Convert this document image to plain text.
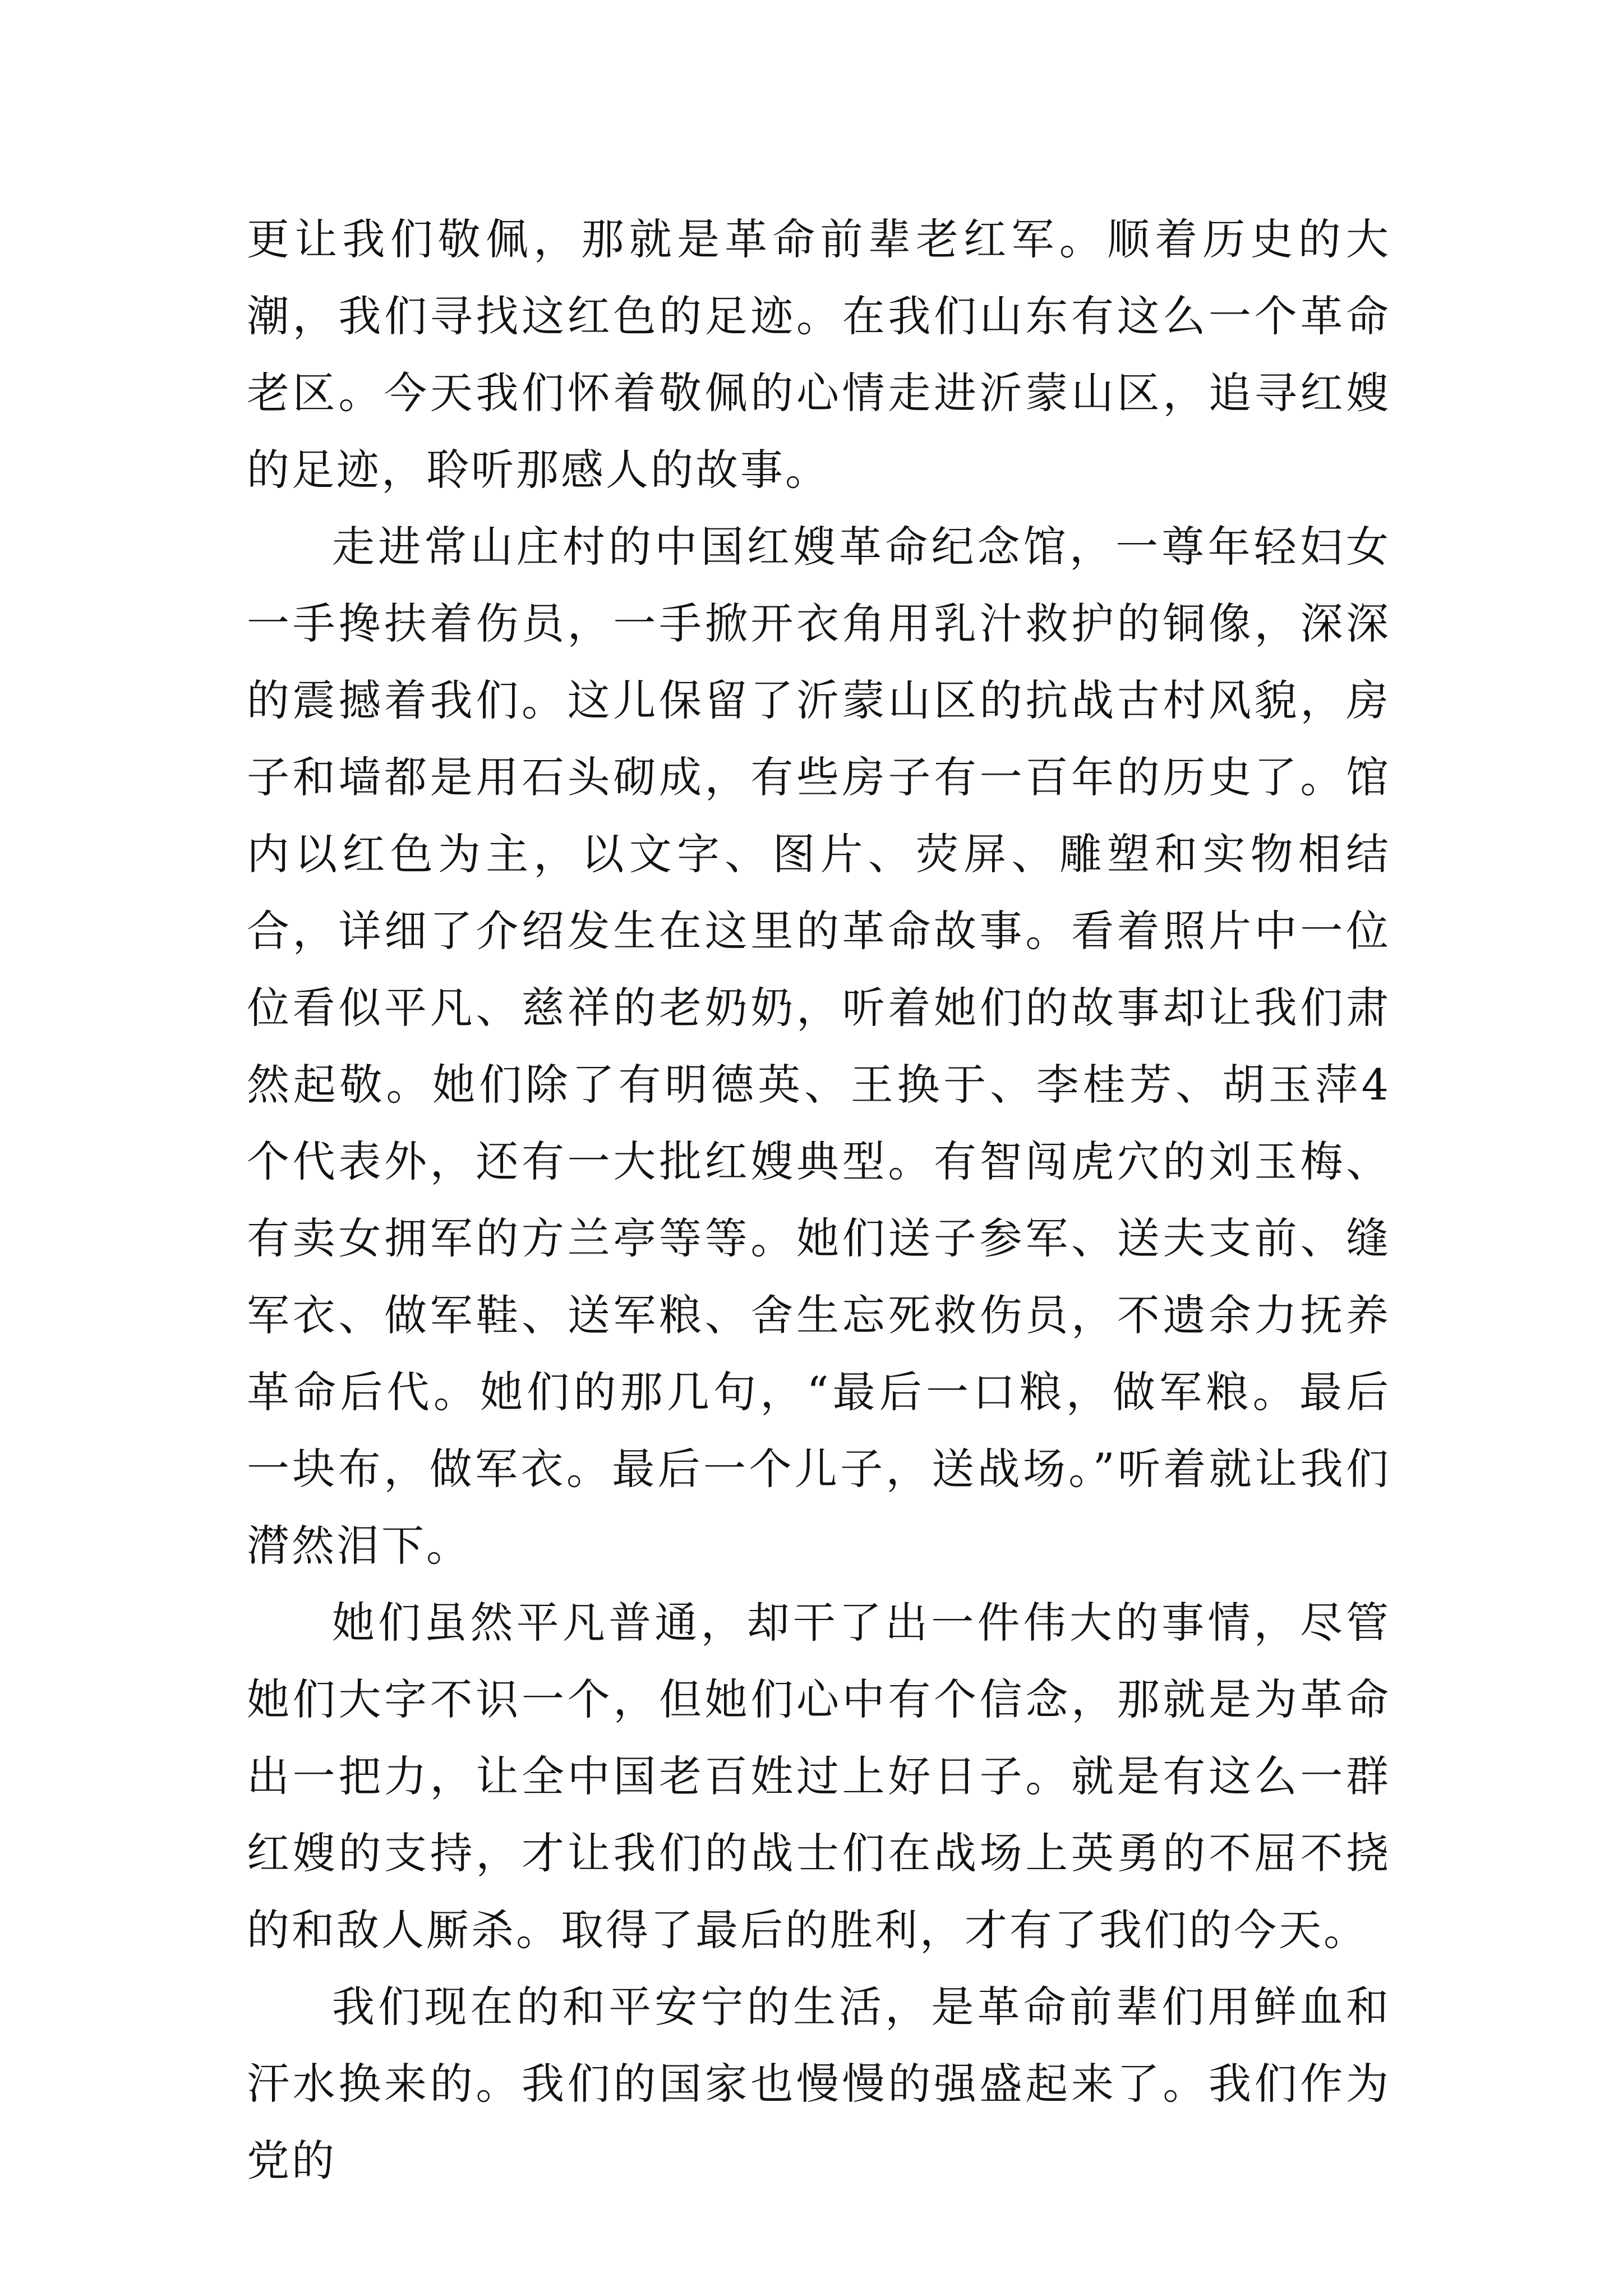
更让我们敬佩，那就是革命前辈老红军。顺着历史的大潮，我们寻找这红色的足迹。在我们山东有这么一个革命老区。今天我们怀着敬佩的心情走进沂蒙山区，追寻红嫂的足迹，聆听那感人的故事。

走进常山庄村的中国红嫂革命纪念馆，一尊年轻妇女一手搀扶着伤员，一手掀开衣角用乳汁救护的铜像，深深的震撼着我们。这儿保留了沂蒙山区的抗战古村风貌，房子和墙都是用石头砌成，有些房子有一百年的历史了。馆内以红色为主，以文字、图片、荧屏、雕塑和实物相结合，详细了介绍发生在这里的革命故事。看着照片中一位位看似平凡、慈祥的老奶奶，听着她们的故事却让我们肃然起敬。她们除了有明德英、王换于、李桂芳、胡玉萍4个代表外，还有一大批红嫂典型。有智闯虎穴的刘玉梅、有卖女拥军的方兰亭等等。她们送子参军、送夫支前、缝军衣、做军鞋、送军粮、舍生忘死救伤员，不遗余力抚养革命后代。她们的那几句，“最后一口粮，做军粮。最后一块布，做军衣。最后一个儿子，送战场。”听着就让我们潸然泪下。

她们虽然平凡普通，却干了出一件伟大的事情，尽管她们大字不识一个，但她们心中有个信念，那就是为革命出一把力，让全中国老百姓过上好日子。就是有这么一群红嫂的支持，才让我们的战士们在战场上英勇的不屈不挠的和敌人厮杀。取得了最后的胜利，才有了我们的今天。

我们现在的和平安宁的生活，是革命前辈们用鲜血和汗水换来的。我们的国家也慢慢的强盛起来了。我们作为党的
